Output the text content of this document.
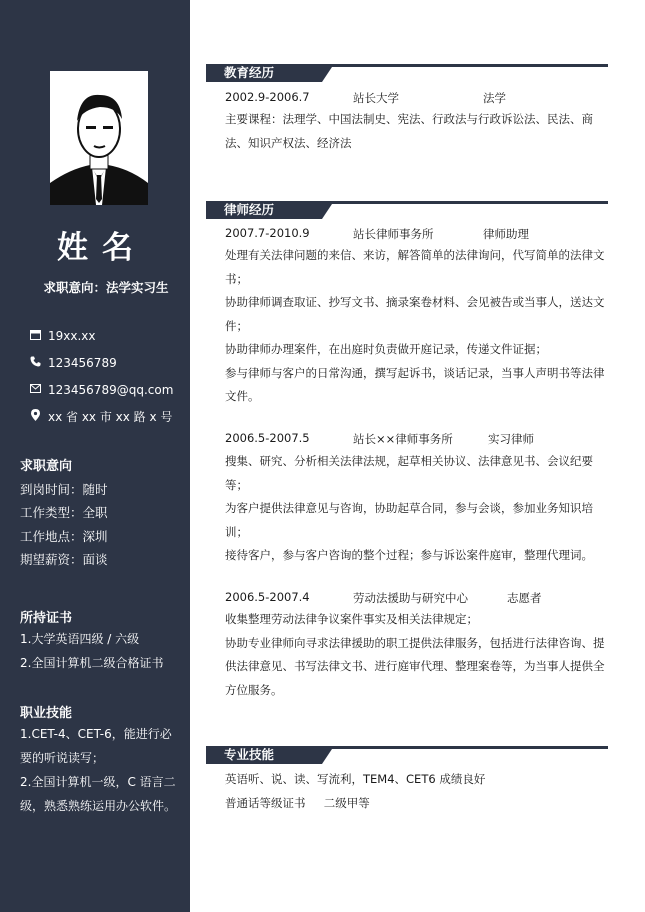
姓名
求职意向：法学实习生
19xx.xx
123456789
123456789@qq.com
xx 省 xx 市 xx 路 x 号
求职意向
到岗时间：随时
工作类型：全职
工作地点：深圳
期望薪资：面谈
所持证书
1.大学英语四级 / 六级
2.全国计算机二级合格证书
职业技能
1.CET-4、CET-6，能进行必要的听说读写；
2.全国计算机一级，C 语言二级，熟悉熟练运用办公软件。
教育经历
2002.9-2006.7	站长大学	法学
主要课程：法理学、中国法制史、宪法、行政法与行政诉讼法、民法、商法、知识产权法、经济法
律师经历
2007.7-2010.9	站长律师事务所	律师助理
处理有关法律问题的来信、来访，解答简单的法律询问，代写简单的法律文书；
协助律师调查取证、抄写文书、摘录案卷材料、会见被告或当事人，送达文件；
协助律师办理案件，在出庭时负责做开庭记录，传递文件证据；
参与律师与客户的日常沟通，撰写起诉书，谈话记录，当事人声明书等法律文件。
2006.5-2007.5	站长××律师事务所	实习律师
搜集、研究、分析相关法律法规，起草相关协议、法律意见书、会议纪要等；
为客户提供法律意见与咨询，协助起草合同，参与会谈，参加业务知识培训；
接待客户，参与客户咨询的整个过程；参与诉讼案件庭审，整理代理词。
2006.5-2007.4	劳动法援助与研究中心	志愿者
收集整理劳动法律争议案件事实及相关法律规定；
协助专业律师向寻求法律援助的职工提供法律服务，包括进行法律咨询、提供法律意见、书写法律文书、进行庭审代理、整理案卷等，为当事人提供全方位服务。
专业技能
英语听、说、读、写流利，TEM4、CET6 成绩良好
普通话等级证书     二级甲等
